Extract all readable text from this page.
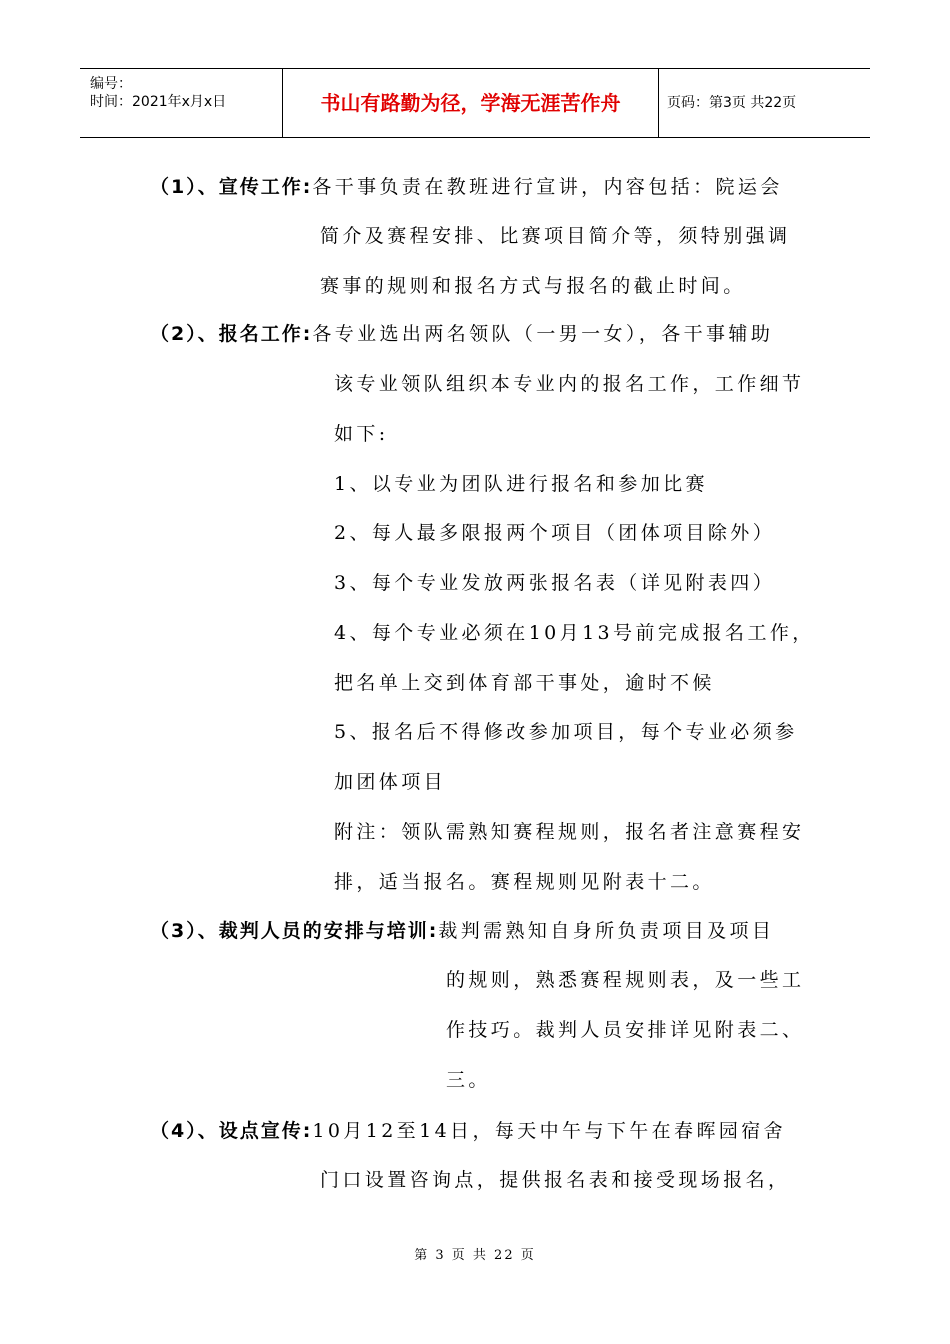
编号：
时间：2021年x月x日	书山有路勤为径，学海无涯苦作舟	页码：第3页 共22页
（1）、宣传工作:各干事负责在教班进行宣讲，内容包括：院运会
简介及赛程安排、比赛项目简介等，须特别强调
赛事的规则和报名方式与报名的截止时间。
（2）、报名工作:各专业选出两名领队（一男一女），各干事辅助
该专业领队组织本专业内的报名工作，工作细节
如下:
1、以专业为团队进行报名和参加比赛
2、每人最多限报两个项目（团体项目除外）
3、每个专业发放两张报名表（详见附表四）
4、每个专业必须在10月13号前完成报名工作，
把名单上交到体育部干事处，逾时不候
5、报名后不得修改参加项目，每个专业必须参
加团体项目
附注：领队需熟知赛程规则，报名者注意赛程安
排，适当报名。赛程规则见附表十二。
（3）、裁判人员的安排与培训:裁判需熟知自身所负责项目及项目
的规则，熟悉赛程规则表，及一些工
作技巧。裁判人员安排详见附表二、
三。
（4）、设点宣传:10月12至14日，每天中午与下午在春晖园宿舍
门口设置咨询点，提供报名表和接受现场报名，
第 3 页 共 22 页
